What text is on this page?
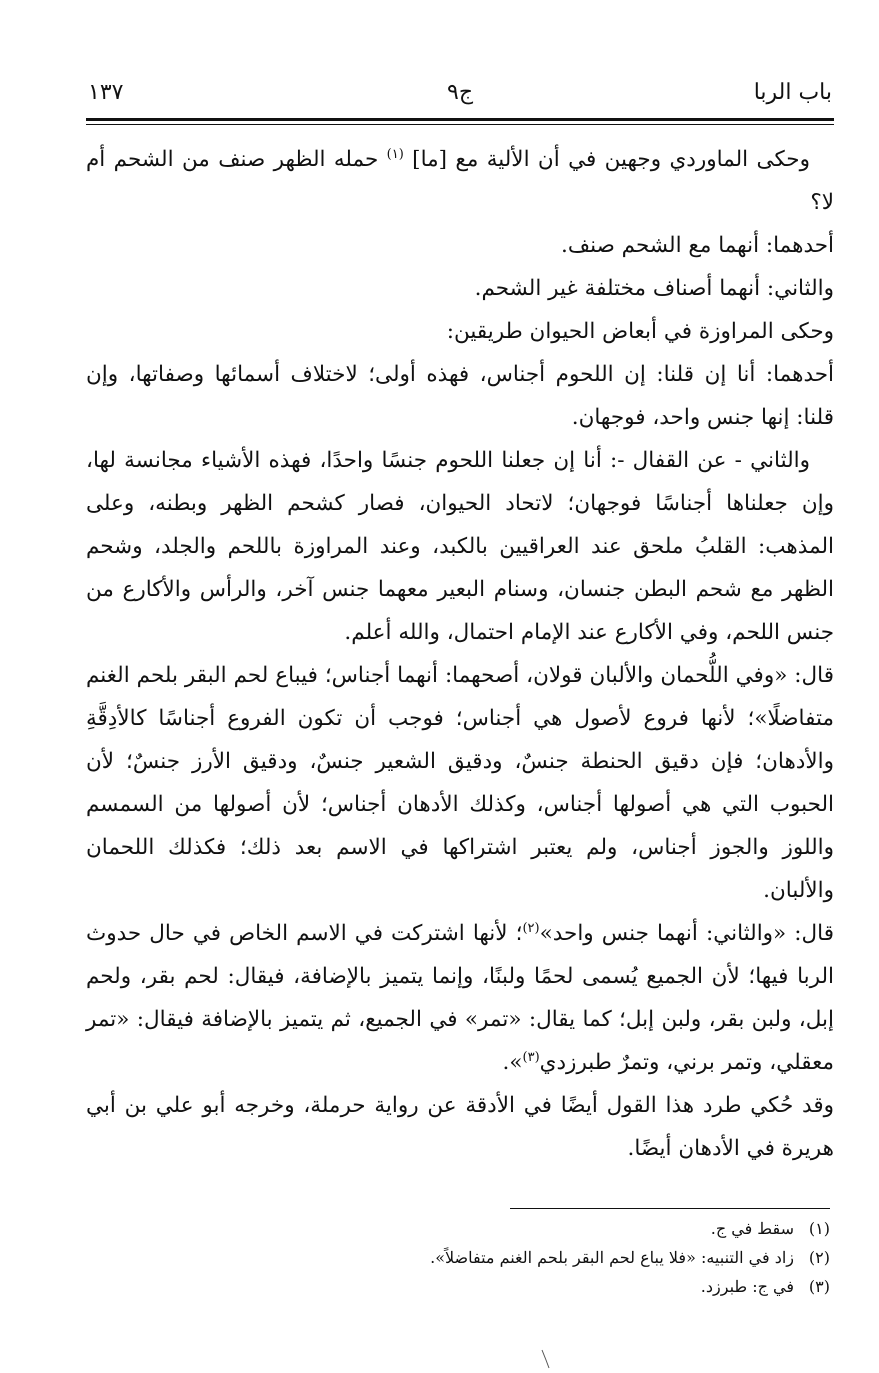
باب الربا
ج٩
١٣٧

وحكى الماوردي وجهين في أن الألية مع [ما] $^{(١)}$ حمله الظهر صنف من الشحم أم لا؟

أحدهما: أنهما مع الشحم صنف.

والثاني: أنهما أصناف مختلفة غير الشحم.

وحكى المراوزة في أبعاض الحيوان طريقين:

أحدهما: أنا إن قلنا: إن اللحوم أجناس، فهذه أولى؛ لاختلاف أسمائها وصفاتها، وإن قلنا: إنها جنس واحد، فوجهان.

والثاني - عن القفال -: أنا إن جعلنا اللحوم جنسًا واحدًا، فهذه الأشياء مجانسة لها، وإن جعلناها أجناسًا فوجهان؛ لاتحاد الحيوان، فصار كشحم الظهر وبطنه، وعلى المذهب: القلبُ ملحق عند العراقيين بالكبد، وعند المراوزة باللحم والجلد، وشحم الظهر مع شحم البطن جنسان، وسنام البعير معهما جنس آخر، والرأس والأكارع من جنس اللحم، وفي الأكارع عند الإمام احتمال، والله أعلم.

قال: «وفي اللُّحمان والألبان قولان، أصحهما: أنهما أجناس؛ فيباع لحم البقر بلحم الغنم متفاضلًا»؛ لأنها فروع لأصول هي أجناس؛ فوجب أن تكون الفروع أجناسًا كالأدِقَّةِ والأدهان؛ فإن دقيق الحنطة جنسٌ، ودقيق الشعير جنسٌ، ودقيق الأرز جنسٌ؛ لأن الحبوب التي هي أصولها أجناس، وكذلك الأدهان أجناس؛ لأن أصولها من السمسم واللوز والجوز أجناس، ولم يعتبر اشتراكها في الاسم بعد ذلك؛ فكذلك اللحمان والألبان.

قال: «والثاني: أنهما جنس واحد»$^{(٢)}$؛ لأنها اشتركت في الاسم الخاص في حال حدوث الربا فيها؛ لأن الجميع يُسمى لحمًا ولبنًا، وإنما يتميز بالإضافة، فيقال: لحم بقر، ولحم إبل، ولبن بقر، ولبن إبل؛ كما يقال: «تمر» في الجميع، ثم يتميز بالإضافة فيقال: «تمر معقلي، وتمر برني، وتمرٌ طبرزدي$^{(٣)}$».

وقد حُكي طرد هذا القول أيضًا في الأدقة عن رواية حرملة، وخرجه أبو علي بن أبي هريرة في الأدهان أيضًا.

(١)سقط في ج.

(٢)زاد في التنبيه: «فلا يباع لحم البقر بلحم الغنم متفاضلاً».

(٣)في ج: طبرزد.
